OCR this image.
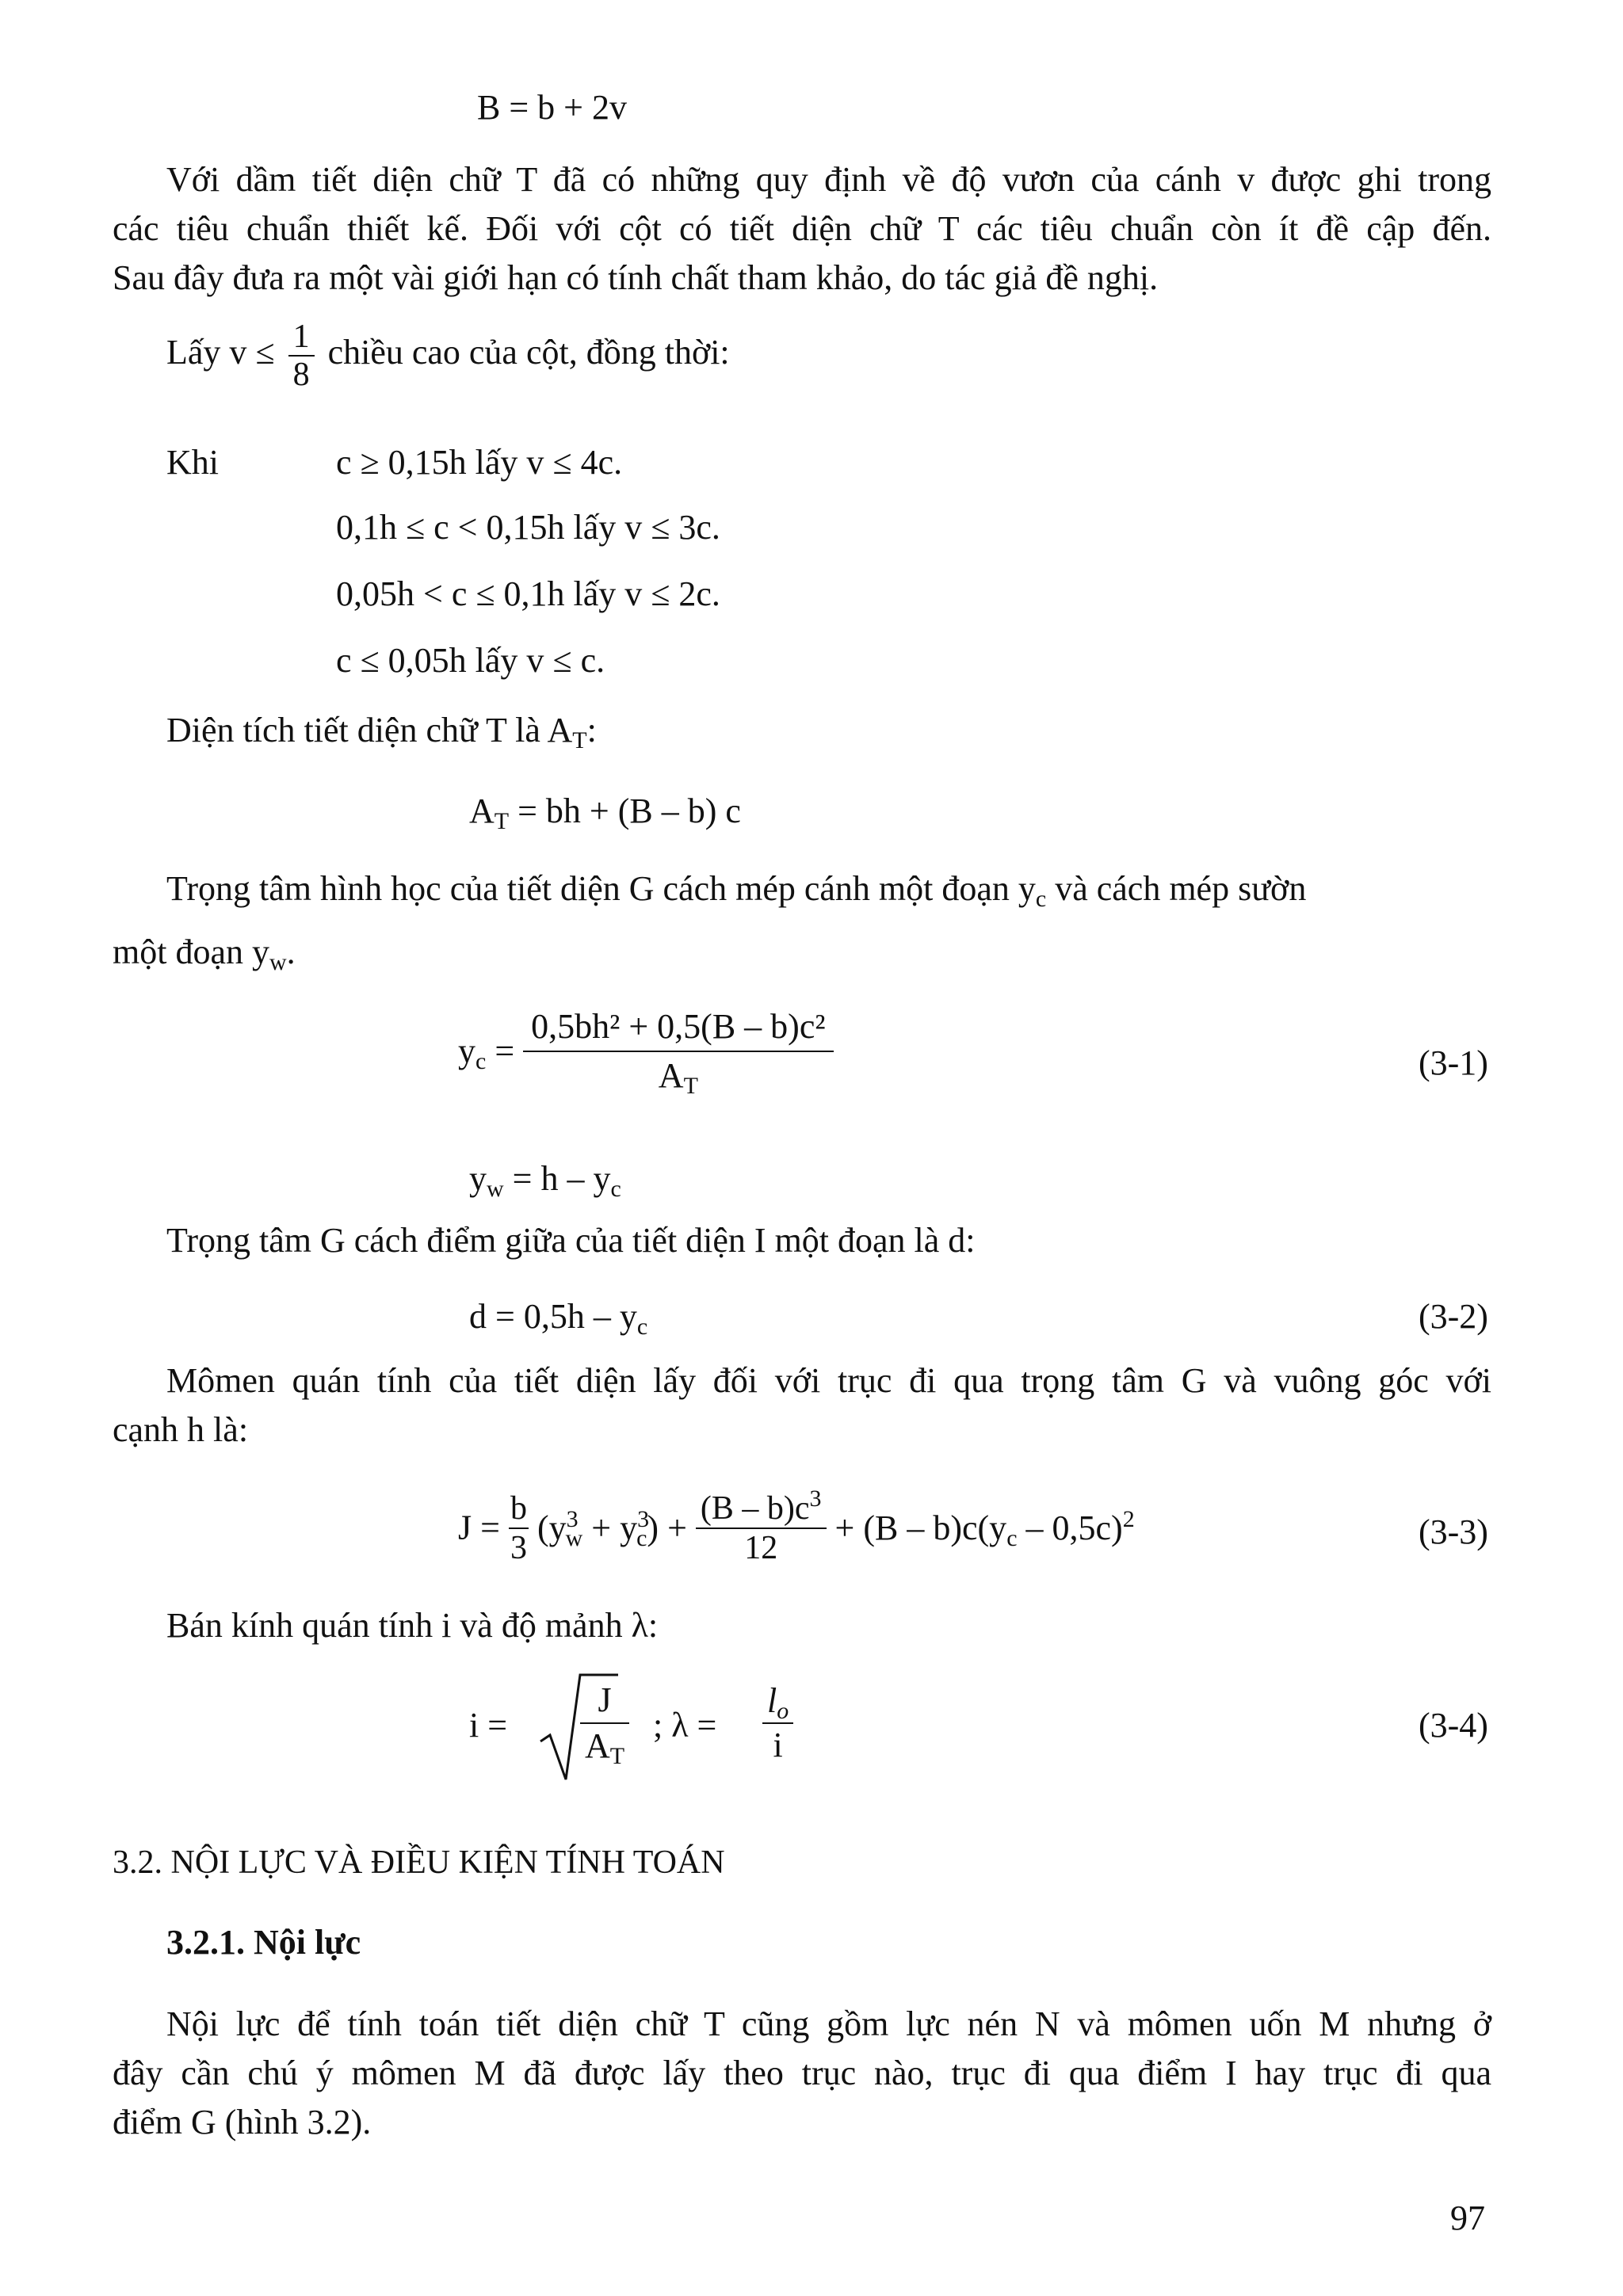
B = b + 2v
Với dầm tiết diện chữ T đã có những quy định về độ vươn của cánh v được ghi trong
các tiêu chuẩn thiết kế. Đối với cột có tiết diện chữ T các tiêu chuẩn còn ít đề cập đến.
Sau đây đưa ra một vài giới hạn có tính chất tham khảo, do tác giả đề nghị.
Lấy $v \le \frac{1}{8}$ chiều cao của cột, đồng thời:
Khi	c ≥ 0,15h lấy v ≤ 4c.
0,1h ≤ c < 0,15h lấy v ≤ 3c.
0,05h < c ≤ 0,1h lấy v ≤ 2c.
c ≤ 0,05h lấy v ≤ c.
Diện tích tiết diện chữ T là $A_T$:
$A_T$ = bh + (B – b) c
Trọng tâm hình học của tiết diện G cách mép cánh một đoạn $y_c$ và cách mép sườn
một đoạn $y_w$.
$y_c = \frac{\text{0,5bh² + 0,5(B – b)c²}}{A_T}$	(3-1)
$y_w = h - y_c$
Trọng tâm G cách điểm giữa của tiết diện I một đoạn là d:
$d = 0,5h - y_c$	(3-2)
Mômen quán tính của tiết diện lấy đối với trục đi qua trọng tâm G và vuông góc với
cạnh h là:
$J = \frac{b}{3} (y^3_w + y^3_c) + \frac{(B - b)c^3}{12} + (B - b)c(y_c - 0,5c)^2$	(3-3)
Bán kính quán tính i và độ mảnh λ:
$i = \frac{J}{A_T}$ ; $\lambda = \frac{l_o}{i}$	(3-4)
3.2. NỘI LỰC VÀ ĐIỀU KIỆN TÍNH TOÁN
3.2.1. Nội lực
Nội lực để tính toán tiết diện chữ T cũng gồm lực nén N và mômen uốn M nhưng ở
đây cần chú ý mômen M đã được lấy theo trục nào, trục đi qua điểm I hay trục đi qua
điểm G (hình 3.2).
97
